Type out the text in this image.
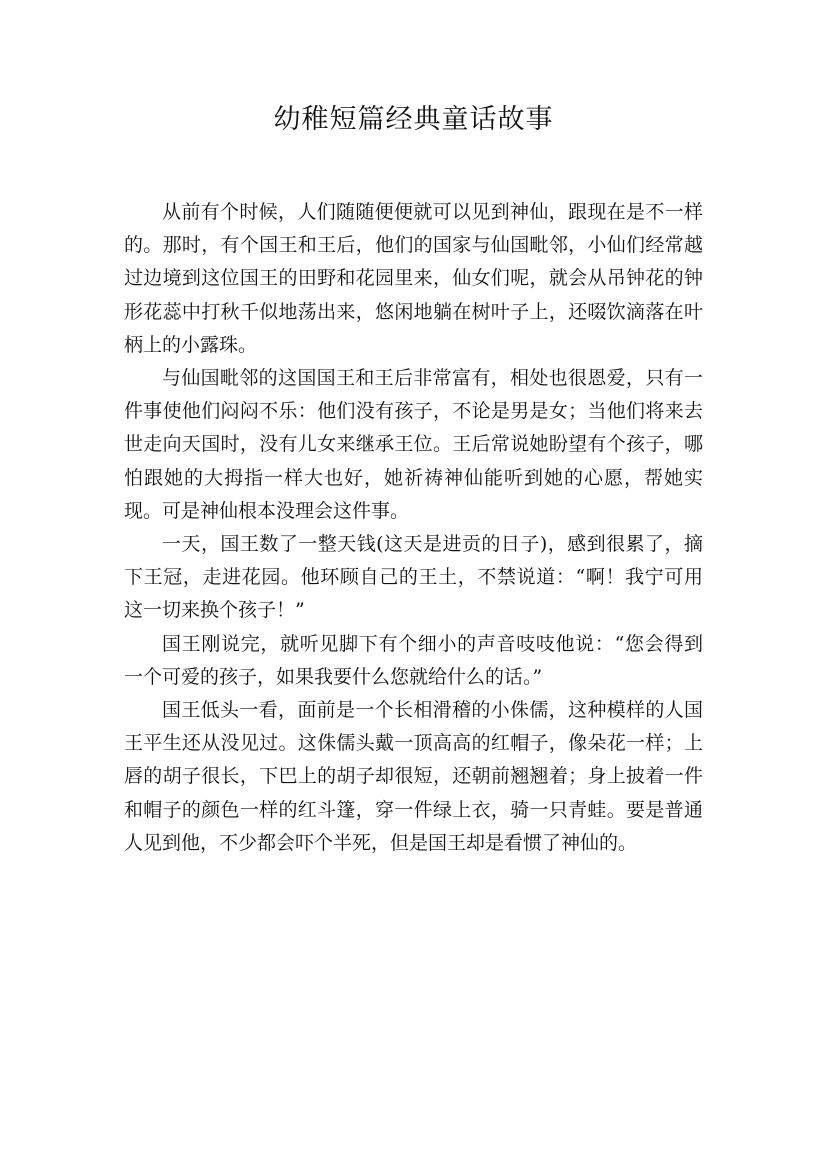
幼稚短篇经典童话故事

从前有个时候，人们随随便便就可以见到神仙，跟现在是不一样的。那时，有个国王和王后，他们的国家与仙国毗邻，小仙们经常越过边境到这位国王的田野和花园里来，仙女们呢，就会从吊钟花的钟形花蕊中打秋千似地荡出来，悠闲地躺在树叶子上，还啜饮滴落在叶柄上的小露珠。

与仙国毗邻的这国国王和王后非常富有，相处也很恩爱，只有一件事使他们闷闷不乐：他们没有孩子，不论是男是女；当他们将来去世走向天国时，没有儿女来继承王位。王后常说她盼望有个孩子，哪怕跟她的大拇指一样大也好，她祈祷神仙能听到她的心愿，帮她实现。可是神仙根本没理会这件事。

一天，国王数了一整天钱(这天是进贡的日子)，感到很累了，摘下王冠，走进花园。他环顾自己的王土，不禁说道：“啊！我宁可用这一切来换个孩子！”

国王刚说完，就听见脚下有个细小的声音吱吱他说：“您会得到一个可爱的孩子，如果我要什么您就给什么的话。”

国王低头一看，面前是一个长相滑稽的小侏儒，这种模样的人国王平生还从没见过。这侏儒头戴一顶高高的红帽子，像朵花一样；上唇的胡子很长，下巴上的胡子却很短，还朝前翘翘着；身上披着一件和帽子的颜色一样的红斗篷，穿一件绿上衣，骑一只青蛙。要是普通人见到他，不少都会吓个半死，但是国王却是看惯了神仙的。
